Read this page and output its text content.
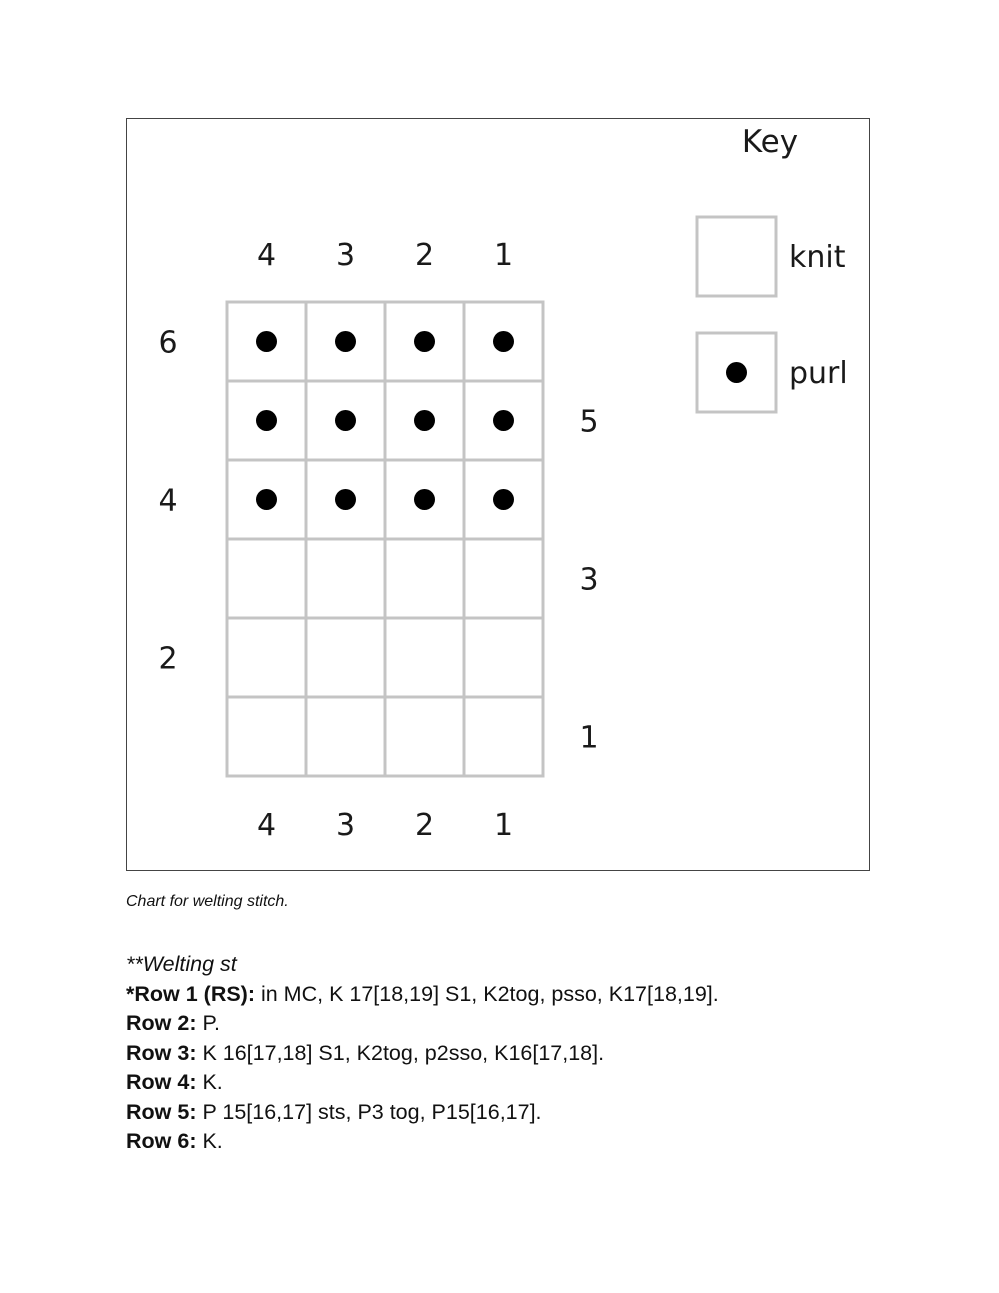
4
4
3
3
2
2
1
1
6
5
4
3
2
1
Key
knit
purl
Chart for welting stitch.
**Welting st
*Row 1 (RS): in MC, K 17[18,19] S1, K2tog, psso, K17[18,19].
Row 2: P.
Row 3: K 16[17,18] S1, K2tog, p2sso, K16[17,18].
Row 4: K.
Row 5: P 15[16,17] sts, P3 tog, P15[16,17].
Row 6: K.
